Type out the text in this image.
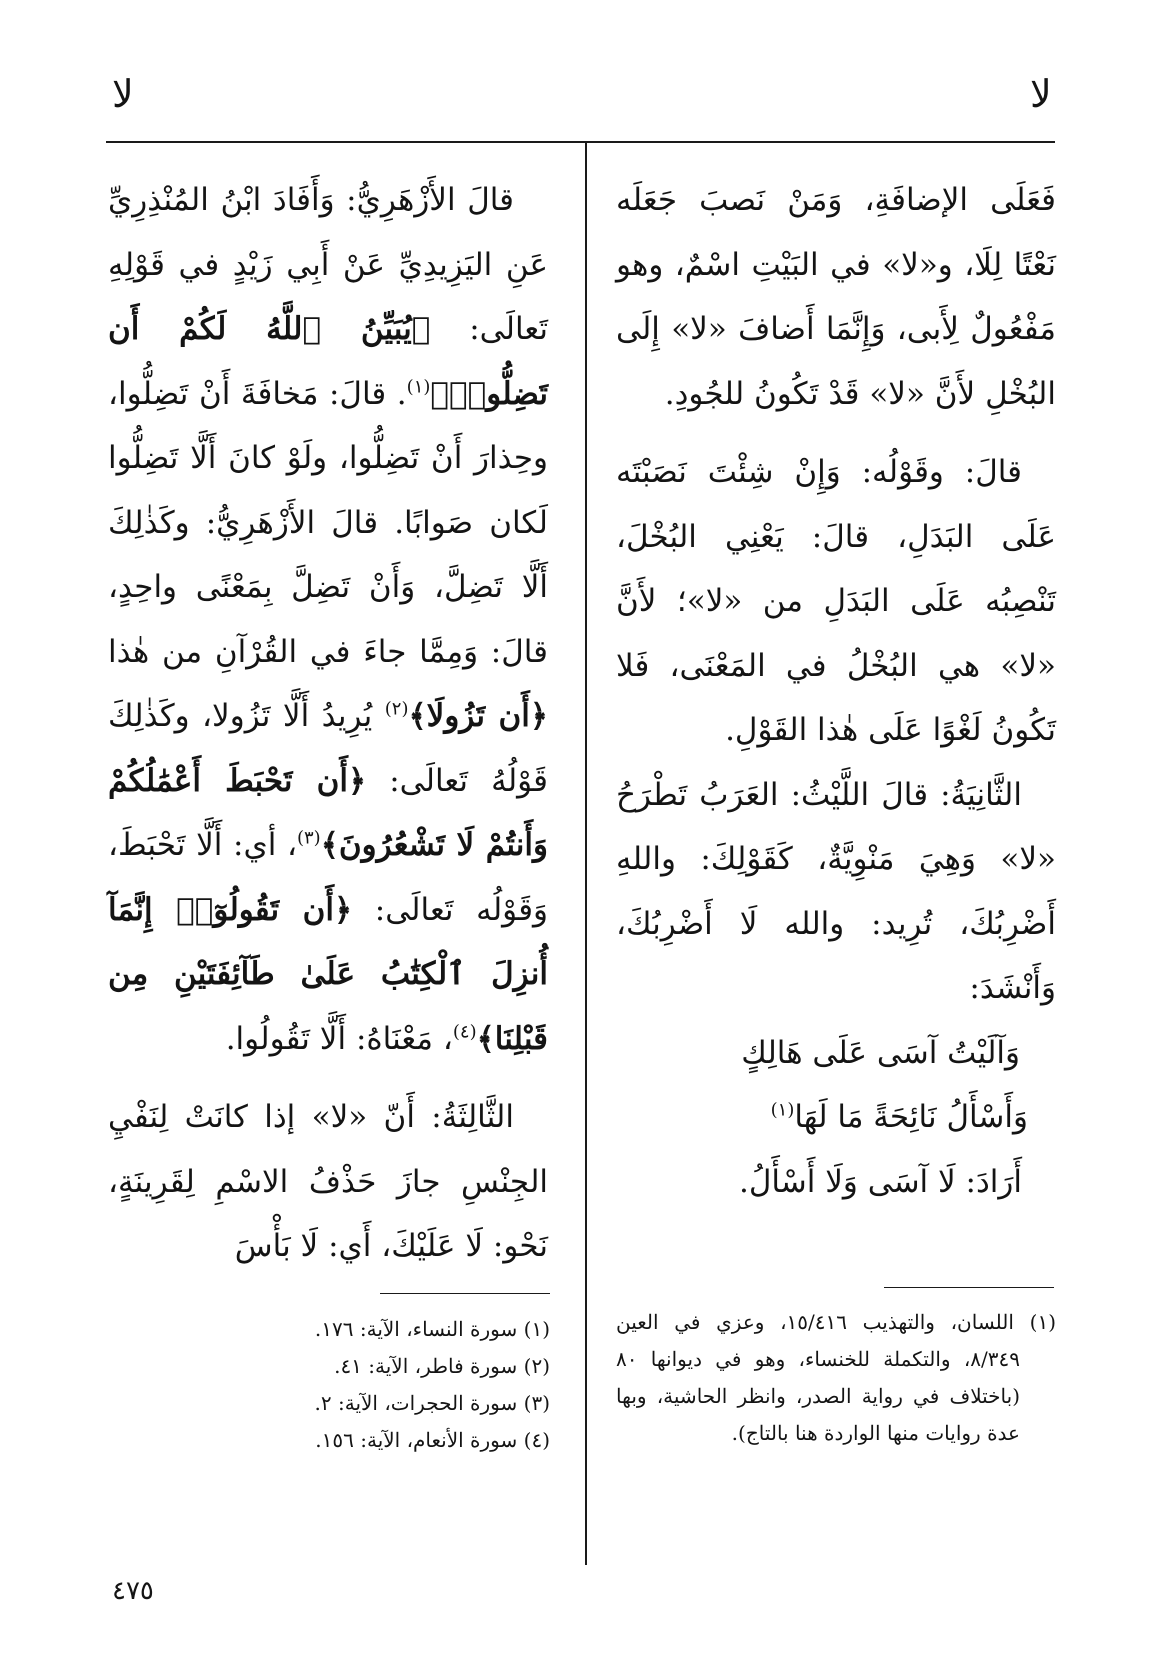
لا	لا

فَعَلَى الإضافَةِ، وَمَنْ نَصبَ جَعَلَه نَعْتًا لِلَا، و«لا» في البَيْتِ اسْمٌ، وهو مَفْعُولٌ لِأَبى، وَإِنَّمَا أَضافَ «لا» إِلَى البُخْلِ لأَنَّ «لا» قَدْ تَكُونُ للجُودِ.

قالَ: وقَوْلُه: وَإِنْ شِئْتَ نَصَبْتَه عَلَى البَدَلِ، قالَ: يَعْنِي البُخْلَ، تَنْصِبُه عَلَى البَدَلِ من «لا»؛ لأَنَّ «لا» هي البُخْلُ في المَعْنَى، فَلا تَكُونُ لَغْوًا عَلَى هٰذا القَوْلِ.

الثَّانِيَةُ: قالَ اللَّيْثُ: العَرَبُ تَطْرَحُ «لا» وَهِيَ مَنْوِيَّةٌ، كَقَوْلِكَ: واللهِ أَضْرِبُكَ، تُرِيد: والله لَا أَضْرِبُكَ، وَأَنْشَدَ:

وَآلَيْتُ آسَى عَلَى هَالِكٍ
وَأَسْأَلُ نَائِحَةً مَا لَهَا$^{(١)}$

أَرَادَ: لَا آسَى وَلَا أَسْأَلُ.

قالَ الأَزْهَرِيُّ: وَأَفَادَ ابْنُ المُنْذِرِيِّ عَنِ اليَزِيدِيِّ عَنْ أَبِي زَيْدٍ في قَوْلِهِ تَعالَى: ﴿يُبَيِّنُ ٱللَّهُ لَكُمْ أَن تَضِلُّوا۟﴾$^{(١)}$. قالَ: مَخافَةَ أَنْ تَضِلُّوا، وحِذارَ أَنْ تَضِلُّوا، ولَوْ كانَ أَلَّا تَضِلُّوا لَكان صَوابًا. قالَ الأَزْهَرِيُّ: وكَذٰلِكَ أَلَّا تَضِلَّ، وَأَنْ تَضِلَّ بِمَعْنًى واحِدٍ، قالَ: وَمِمَّا جاءَ في القُرْآنِ من هٰذا ﴿أَن تَزُولَا﴾$^{(٢)}$ يُرِيدُ أَلَّا تَزُولا، وكَذٰلِكَ قَوْلُهُ تَعالَى: ﴿أَن تَحْبَطَ أَعْمَٰلُكُمْ وَأَنتُمْ لَا تَشْعُرُونَ﴾$^{(٣)}$، أي: أَلَّا تَحْبَطَ، وَقَوْلُه تَعالَى: ﴿أَن تَقُولُوٓا۟ إِنَّمَآ أُنزِلَ ٱلْكِتَٰبُ عَلَىٰ طَآئِفَتَيْنِ مِن قَبْلِنَا﴾$^{(٤)}$، مَعْنَاهُ: أَلَّا تَقُولُوا.

الثَّالِثَةُ: أَنّ «لا» إذا كانَتْ لِنَفْيِ الجِنْسِ جازَ حَذْفُ الاسْمِ لِقَرِينَةٍ، نَحْو: لَا عَلَيْكَ، أَي: لَا بَأْسَ

(١) اللسان، والتهذيب ١٥/٤١٦، وعزي في العين ٨/٣٤٩، والتكملة للخنساء، وهو في ديوانها ٨٠ (باختلاف في رواية الصدر، وانظر الحاشية، وبها عدة روايات منها الواردة هنا بالتاج).

(١) سورة النساء، الآية: ١٧٦.

(٢) سورة فاطر، الآية: ٤١.

(٣) سورة الحجرات، الآية: ٢.

(٤) سورة الأنعام، الآية: ١٥٦.

٤٧٥
